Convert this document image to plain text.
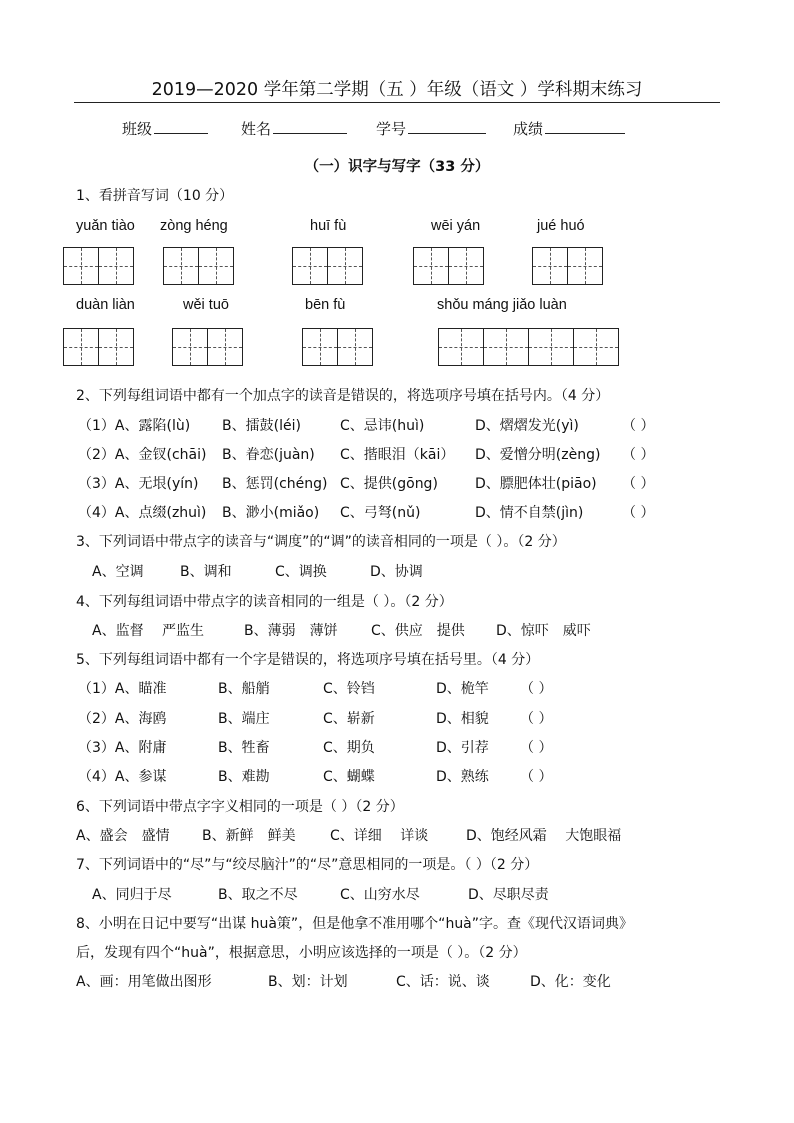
2019—2020 学年第二学期（五 ）年级（语文 ）学科期末练习
班级	姓名	学号	成绩
（一）识字与写字（33 分）
1、看拼音写词（10 分）
yuǎn tiào zòng héng	huī fù	wēi yán	jué huó
duàn liàn	wěi tuō	bēn fù	shǒu máng jiǎo luàn
2、下列每组词语中都有一个加点字的读音是错误的，将选项序号填在括号内。（4 分）
（1）A、露陷(lù) B、擂鼓(léi)	C、忌讳(huì)	D、熠熠发光(yì)	（ ）
（2）A、金钗(chāi) B、眷恋(juàn) C、揩眼泪（kāi） D、爱憎分明(zèng) （ ）
（3）A、无垠(yín) B、惩罚(chéng) C、提供(gōng)	D、膘肥体壮(piāo) （ ）
（4）A、点缀(zhuì) B、渺小(miǎo) C、弓弩(nǔ)	D、情不自禁(jìn)	（ ）
3、下列词语中带点字的读音与“调度”的“调”的读音相同的一项是（ ）。（2 分）
A、空调	B、调和	C、调换	D、协调
4、下列每组词语中带点字的读音相同的一组是（ ）。（2 分）
A、监督　 严监生	B、薄弱　薄饼 C、供应　提供 D、惊吓　威吓
5、下列每组词语中都有一个字是错误的，将选项序号填在括号里。（4 分）
（1）A、瞄准	B、船艄	C、铃铛	D、桅竿 （ ）
（2）A、海鸥	B、端庄	C、崭新	D、相貌 （ ）
（3）A、附庸	B、牲畜	C、期负	D、引荐 （ ）
（4）A、参谋	B、难勘	C、蝴蝶	D、熟练 （ ）
6、下列词语中带点字字义相同的一项是（ ）（2 分）
A、盛会　盛情 B、新鲜　鲜美 C、详细　 详谈	D、饱经风霜　 大饱眼福
7、下列词语中的“尽”与“绞尽脑汁”的“尽”意思相同的一项是。（ ）（2 分）
A、同归于尽	B、取之不尽	C、山穷水尽	D、尽职尽责
8、小明在日记中要写“出谋 huà策”，但是他拿不准用哪个“huà”字。查《现代汉语词典》
后，发现有四个“huà”，根据意思，小明应该选择的一项是（ ）。（2 分）
A、画：用笔做出图形	B、划：计划	C、话：说、谈	D、化：变化
